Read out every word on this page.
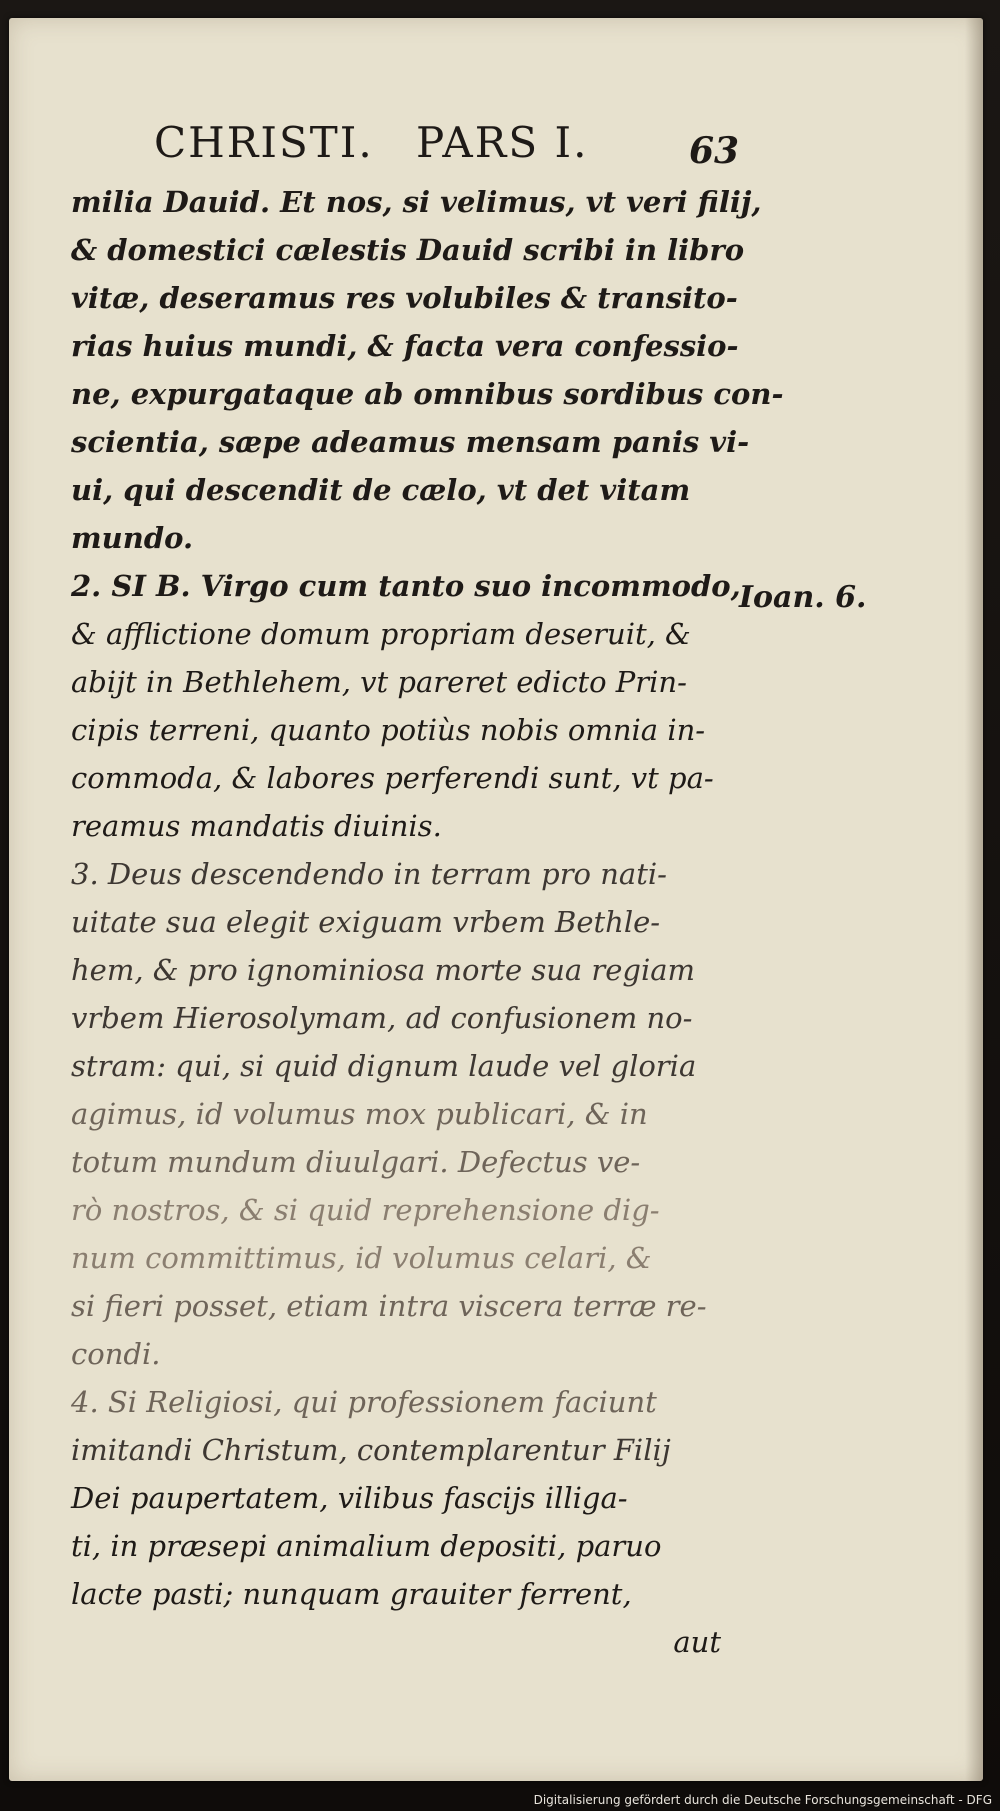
CHRISTI. PARS I.	63
Ioan. 6.
milia Dauid. Et nos, si velimus, vt veri filij,
& domestici cælestis Dauid scribi in libro
vitæ, deseramus res volubiles & transito-
rias huius mundi, & facta vera confessio-
ne, expurgataque ab omnibus sordibus con-
scientia, sæpe adeamus mensam panis vi-
ui, qui descendit de cælo, vt det vitam
mundo.
2. SI B. Virgo cum tanto suo incommodo,
& afflictione domum propriam deseruit, &
abijt in Bethlehem, vt pareret edicto Prin-
cipis terreni, quanto potiùs nobis omnia in-
commoda, & labores perferendi sunt, vt pa-
reamus mandatis diuinis.
3. Deus descendendo in terram pro nati-
uitate sua elegit exiguam vrbem Bethle-
hem, & pro ignominiosa morte sua regiam
vrbem Hierosolymam, ad confusionem no-
stram: qui, si quid dignum laude vel gloria
agimus, id volumus mox publicari, & in
totum mundum diuulgari. Defectus ve-
rò nostros, & si quid reprehensione dig-
num committimus, id volumus celari, &
si fieri posset, etiam intra viscera terræ re-
condi.
4. Si Religiosi, qui professionem faciunt
imitandi Christum, contemplarentur Filij
Dei paupertatem, vilibus fascijs illiga-
ti, in præsepi animalium depositi, paruo
lacte pasti; nunquam grauiter ferrent,
aut
Digitalisierung gefördert durch die Deutsche Forschungsgemeinschaft - DFG
